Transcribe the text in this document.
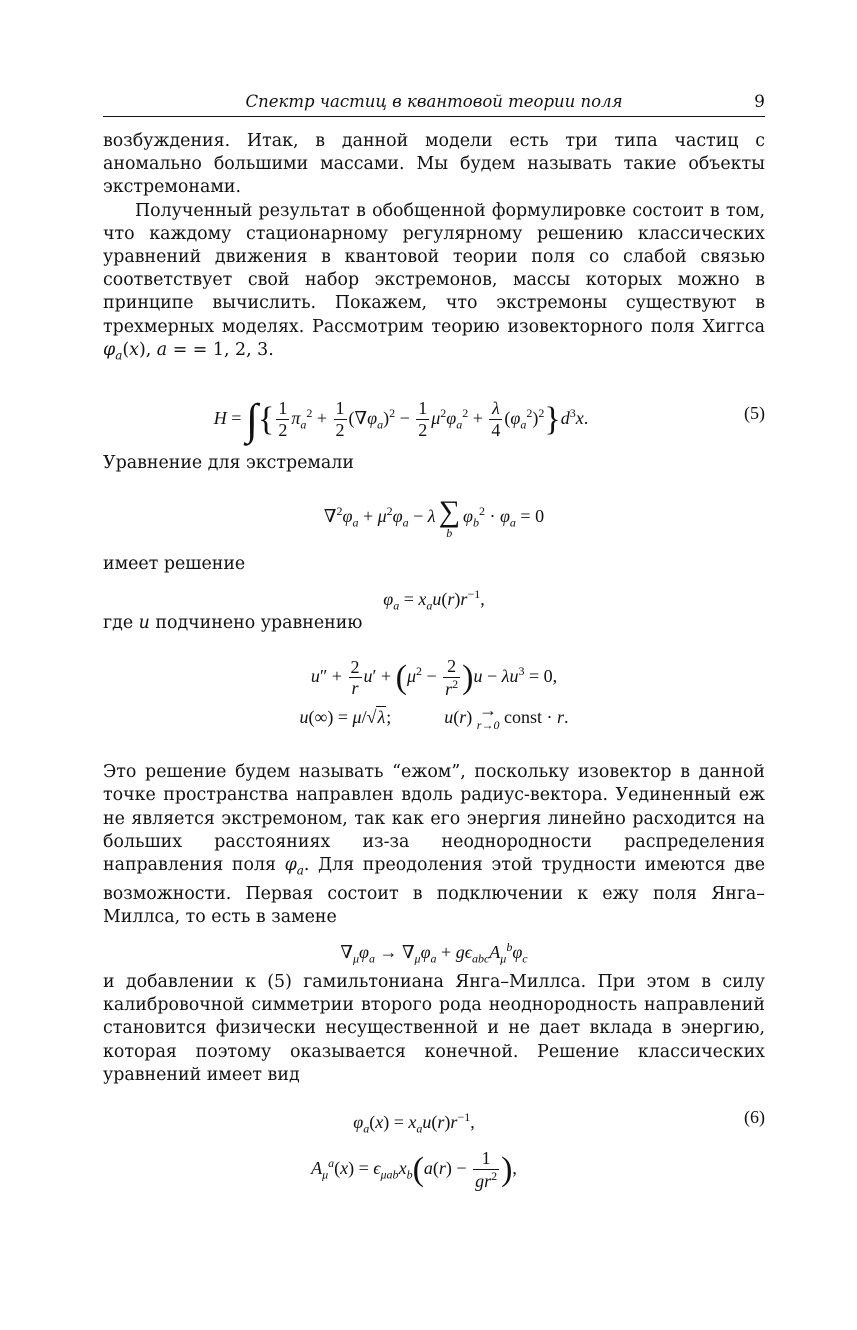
Спектр частиц в квантовой теории поля	9

возбуждения. Итак, в данной модели есть три типа частиц с аномально большими массами. Мы будем называть такие объекты экстремонами.

Полученный результат в обобщенной формулировке состоит в том, что каждому стационарному регулярному решению классических уравнений движения в квантовой теории поля со слабой связью соответствует свой набор экстремонов, массы которых можно в принципе вычислить. Покажем, что экстремоны существуют в трехмерных моделях. Рассмотрим теорию изовекторного поля Хиггса $\varphi_a(x)$, a = = 1, 2, 3.

H = ∫{ $\frac{1}{2} \pi_a^2 + \frac{1}{2} (\nabla\varphi_a)^2 - \frac{1}{2} \mu^2\varphi_a^2 + \frac{\lambda}{4} (\varphi_a^2)^2\}d^3x$.	(5)

Уравнение для экстремали

$\nabla^2\varphi_a + \mu^2\varphi_a - \lambda$ ∑
b
$\varphi_b^2 \cdot \varphi_a = 0$

имеет решение

$\varphi_a = x_au(r)r^{-1}$,

где u подчинено уравнению

$u'' + \frac{2}{r} u' + (\mu^2 - \frac{2}{r^2} )u - \lambda u^3 = 0$,
u(∞) = μ/√λ;	u(r) →
r→0 const · r.

Это решение будем называть “ежом”, поскольку изовектор в данной точке пространства направлен вдоль радиус-вектора. Уединенный еж не является экстремоном, так как его энергия линейно расходится на больших расстояниях из-за неоднородности распределения направления поля $\varphi_a$. Для преодоления этой трудности имеются две возможности. Первая состоит в подключении к ежу поля Янга–Миллса, то есть в замене

$\nabla_\mu\varphi_a \to \nabla_\mu\varphi_a + g\epsilon_{abc}A_\mu^b\varphi_c$

и добавлении к (5) гамильтониана Янга–Миллса. При этом в силу калибровочной симметрии второго рода неоднородность направлений становится физически несущественной и не дает вклада в энергию, которая поэтому оказывается конечной. Решение классических уравнений имеет вид

$\varphi_a(x) = x_au(r)r^{-1}$,	(6)
$A_\mu^a(x) = \epsilon_{\mu ab}x_b(a(r) - \frac{1}{gr^2}$ ),
